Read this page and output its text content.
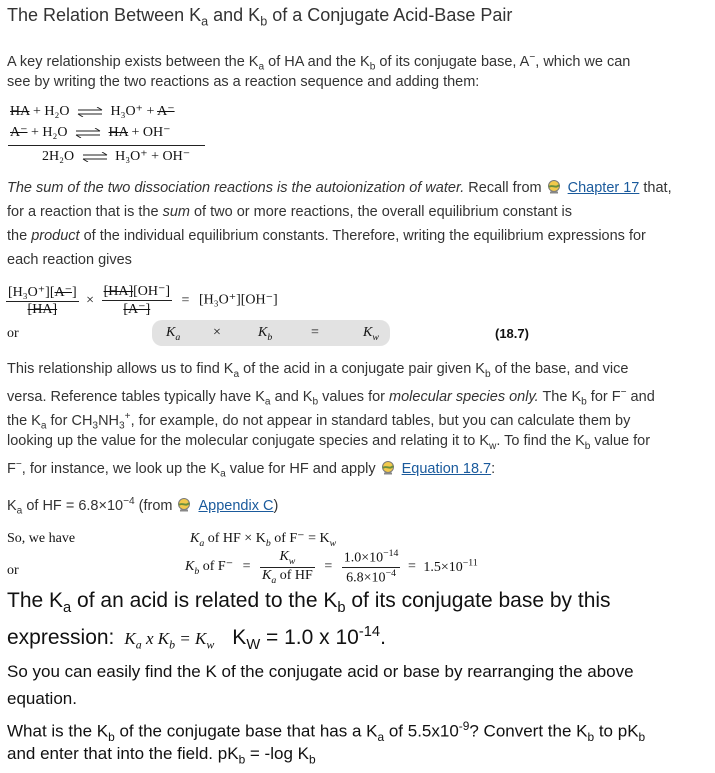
The Relation Between $K_a$ and $K_b$ of a Conjugate Acid-Base Pair
A key relationship exists between the $K_a$ of HA and the $K_b$ of its conjugate base, A−, which we can
see by writing the two reactions as a reaction sequence and adding them:
HA + H₂O ⇌ H₃O⁺ + A⁻
A⁻ + H₂O ⇌ HA + OH⁻
2H₂O ⇌ H₃O⁺ + OH⁻
The sum of the two dissociation reactions is the autoionization of water. Recall from Chapter 17 that,
for a reaction that is the sum of two or more reactions, the overall equilibrium constant is
the product of the individual equilibrium constants. Therefore, writing the equilibrium expressions for
each reaction gives
$\frac{\text{[H₃O⁺][A⁻]}}{[HA]} \times \frac{[HA][OH^-]}{[A^-]} = [H_3O^+][OH^-]$
or	$K_a$ ×	$K_b$	=	$K_w$	(18.7)
This relationship allows us to find $K_a$ of the acid in a conjugate pair given $K_b$ of the base, and vice
versa. Reference tables typically have $K_a$ and $K_b$ values for molecular species only. The $K_b$ for F− and
the $K_a$ for $CH_3NH_3^+$, for example, do not appear in standard tables, but you can calculate them by
looking up the value for the molecular conjugate species and relating it to $K_w$. To find the $K_b$ value for
F−, for instance, we look up the $K_a$ value for HF and apply Equation 18.7:
$K_a$ of HF = $6.8\times 10^{-4}$ (from Appendix C)
So, we have	$K_a$ of HF × $K_b$ of $F^- = K_w$
or	$K_b$ of $F^- = \frac{K_w}{K_a of HF} = \frac{1.0\times 10^{-14}}{6.8\times 10^{-4}} = 1.5\times 10^{-11}$
The $K_a$ of an acid is related to the $K_b$ of its conjugate base by this
expression: $K_a$ x $K_b = K_w$ $K_W = 1.0$ x $10^{-14}$.
So you can easily find the K of the conjugate acid or base by rearranging the above
equation.
What is the $K_b$ of the conjugate base that has a $K_a$ of $5.5x10^{-9}$? Convert the $K_b$ to $pK_b$
and enter that into the field. $pK_b = -\log$ $K_b$
